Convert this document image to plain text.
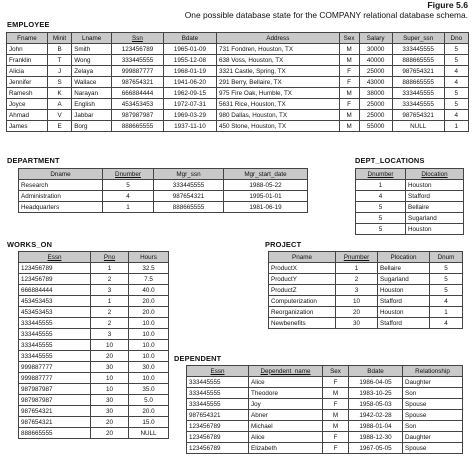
Figure 5.6
One possible database state for the COMPANY relational database schema.
EMPLOYEE
Fname	Minit	Lname	Ssn	Bdate	Address	Sex	Salary	Super_ssn	Dno
John	B	Smith	123456789	1965-01-09	731 Fondren, Houston, TX	M	30000	333445555	5
Franklin	T	Wong	333445555	1955-12-08	638 Voss, Houston, TX	M	40000	888665555	5
Alicia	J	Zelaya	999887777	1968-01-19	3321 Castle, Spring, TX	F	25000	987654321	4
Jennifer	S	Wallace	987654321	1941-06-20	291 Berry, Bellaire, TX	F	43000	888665555	4
Ramesh	K	Narayan	666884444	1962-09-15	975 Fire Oak, Humble, TX	M	38000	333445555	5
Joyce	A	English	453453453	1972-07-31	5631 Rice, Houston, TX	F	25000	333445555	5
Ahmad	V	Jabbar	987987987	1969-03-29	980 Dallas, Houston, TX	M	25000	987654321	4
James	E	Borg	888665555	1937-11-10	450 Stone, Houston, TX	M	55000	NULL	1
DEPARTMENT
Dname	Dnumber	Mgr_ssn	Mgr_start_date
Research	5	333445555	1988-05-22
Administration	4	987654321	1995-01-01
Headquarters	1	888665555	1981-06-19
DEPT_LOCATIONS
Dnumber	Dlocation
1	Houston
4	Stafford
5	Bellaire
5	Sugarland
5	Houston
WORKS_ON
Essn	Pno	Hours
123456789	1	32.5
123456789	2	7.5
666884444	3	40.0
453453453	1	20.0
453453453	2	20.0
333445555	2	10.0
333445555	3	10.0
333445555	10	10.0
333445555	20	10.0
999887777	30	30.0
999887777	10	10.0
987987987	10	35.0
987987987	30	5.0
987654321	30	20.0
987654321	20	15.0
888665555	20	NULL
PROJECT
Pname	Pnumber	Plocation	Dnum
ProductX	1	Bellaire	5
ProductY	2	Sugarland	5
ProductZ	3	Houston	5
Computerization	10	Stafford	4
Reorganization	20	Houston	1
Newbenefits	30	Stafford	4
DEPENDENT
Essn	Dependent_name	Sex	Bdate	Relationship
333445555	Alice	F	1986-04-05	Daughter
333445555	Theodore	M	1983-10-25	Son
333445555	Joy	F	1958-05-03	Spouse
987654321	Abner	M	1942-02-28	Spouse
123456789	Michael	M	1988-01-04	Son
123456789	Alice	F	1988-12-30	Daughter
123456789	Elizabeth	F	1967-05-05	Spouse
